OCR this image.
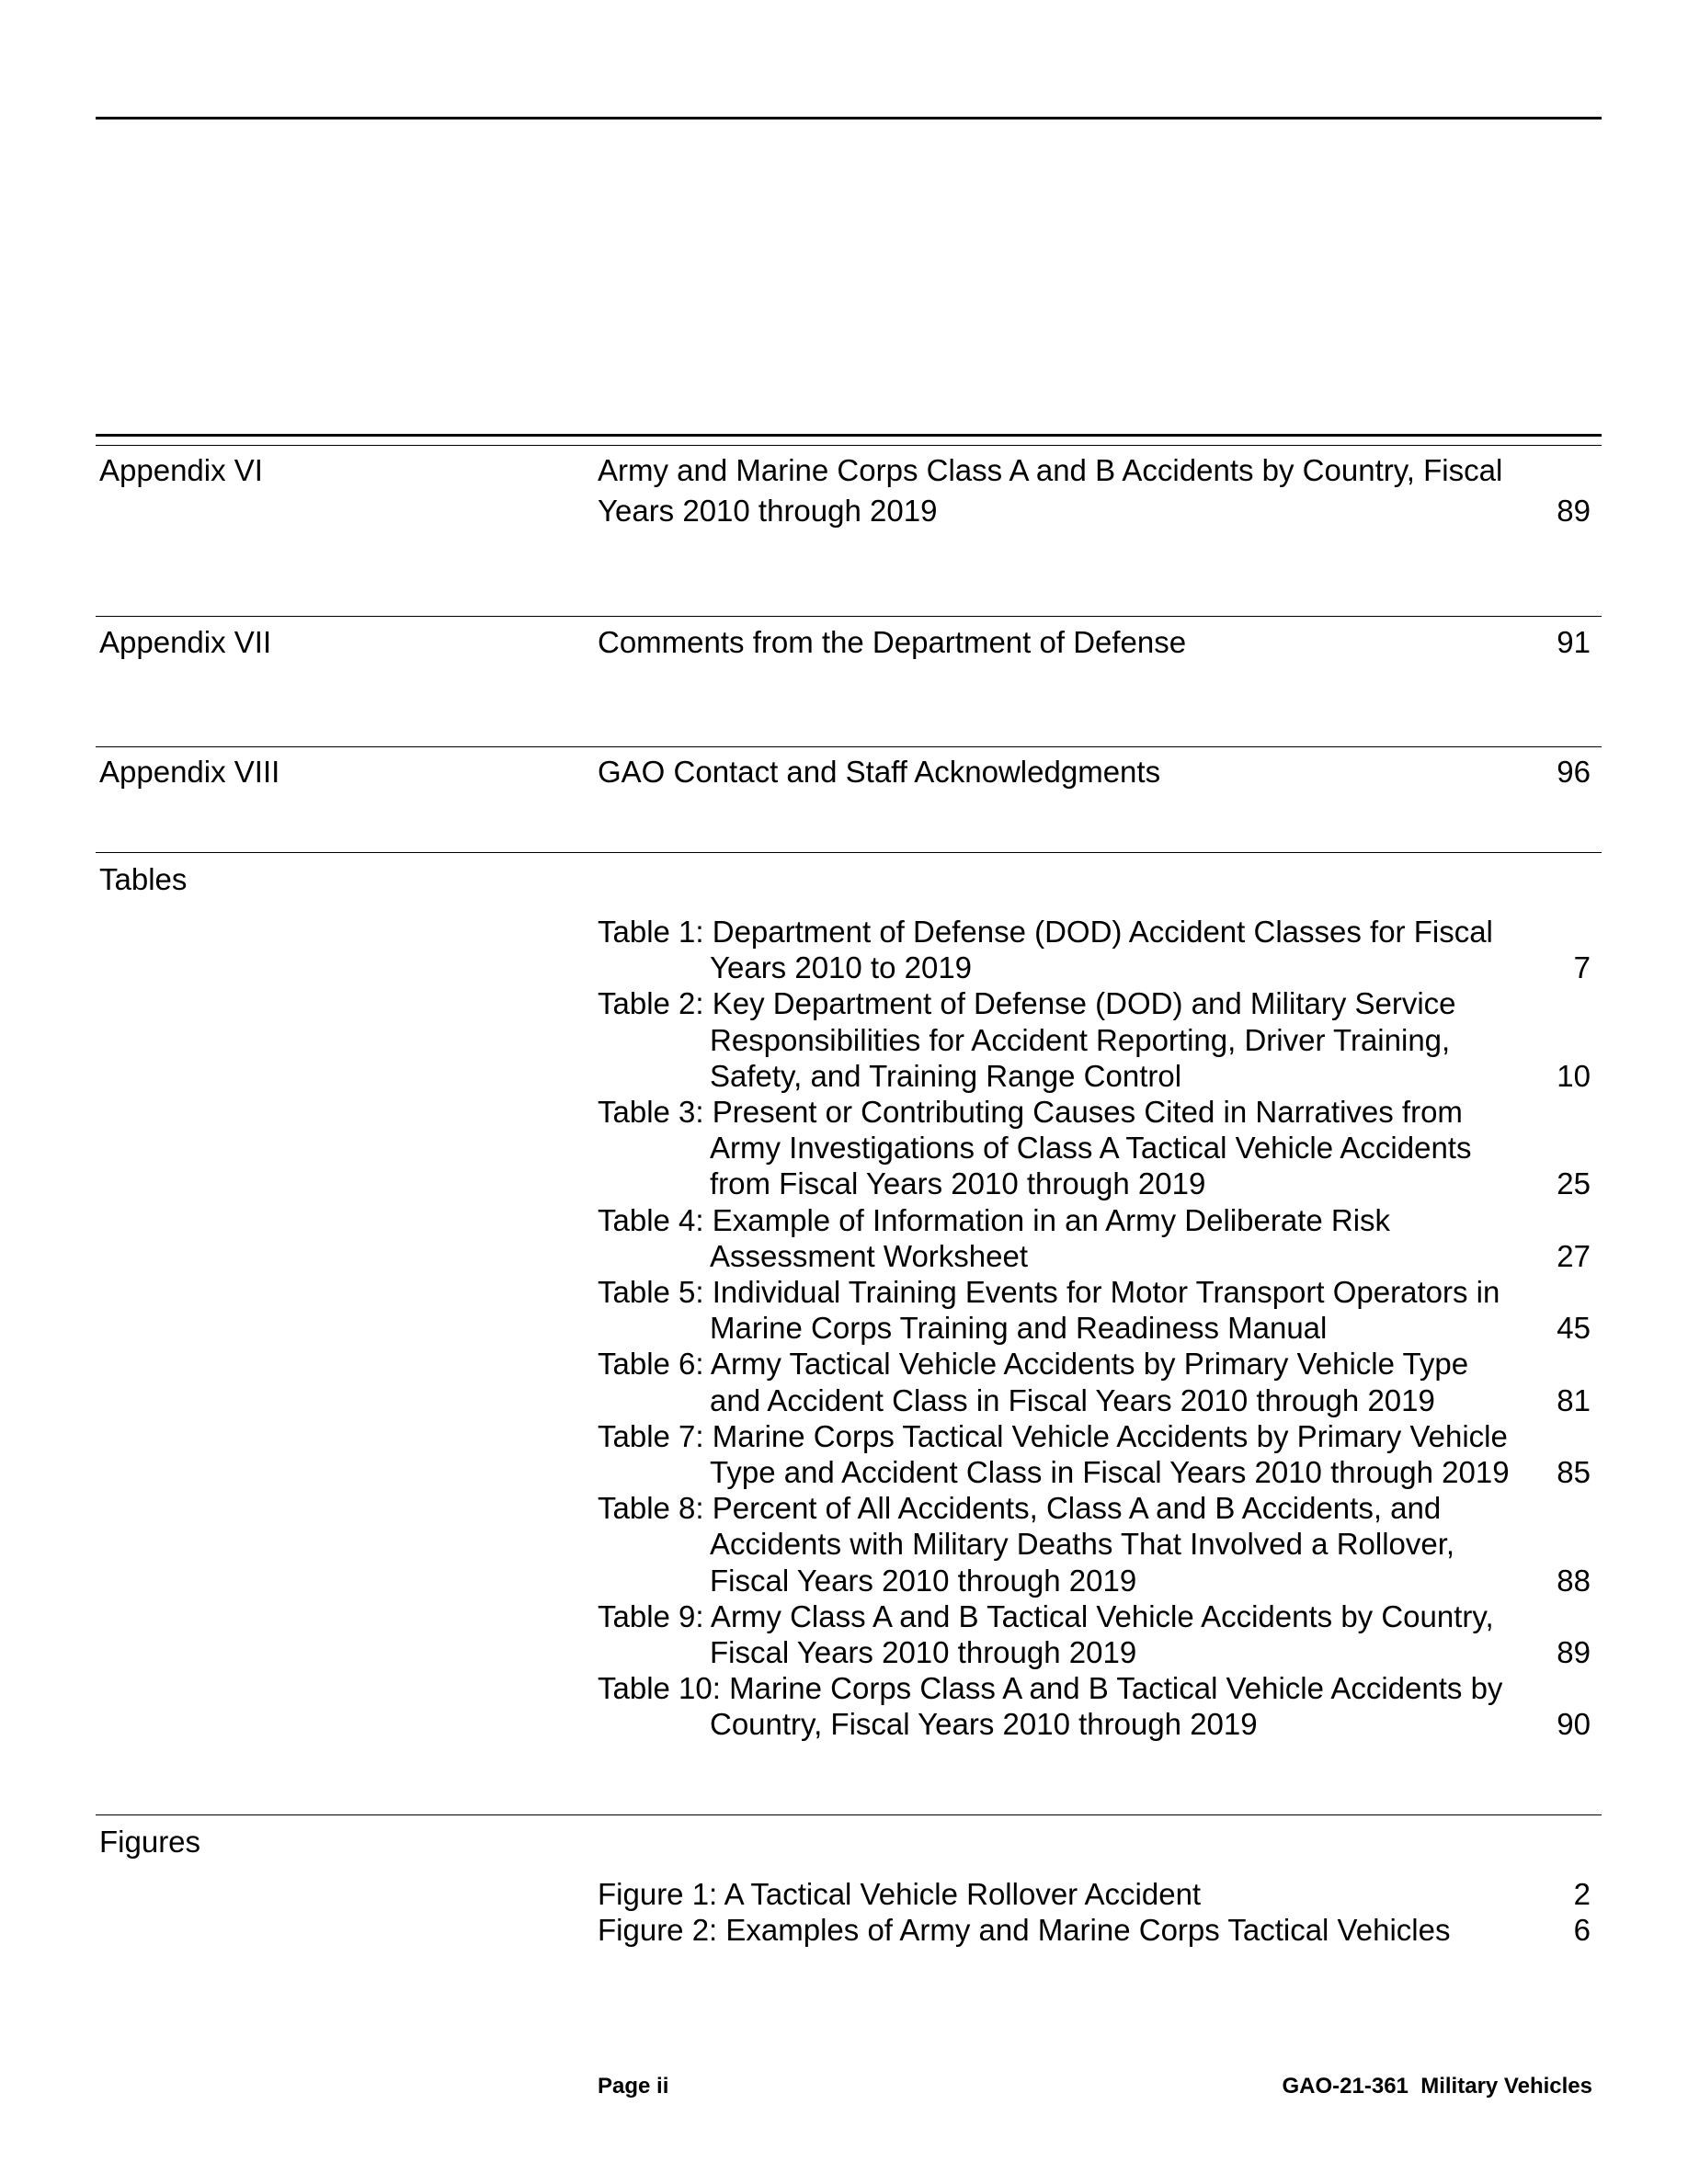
Appendix VI	Army and Marine Corps Class A and B Accidents by Country, Fiscal Years 2010 through 2019	89
Appendix VII	Comments from the Department of Defense	91
Appendix VIII	GAO Contact and Staff Acknowledgments	96
Tables
Table 1: Department of Defense (DOD) Accident Classes for Fiscal Years 2010 to 2019	7
Table 2: Key Department of Defense (DOD) and Military Service Responsibilities for Accident Reporting, Driver Training, Safety, and Training Range Control	10
Table 3: Present or Contributing Causes Cited in Narratives from Army Investigations of Class A Tactical Vehicle Accidents from Fiscal Years 2010 through 2019	25
Table 4: Example of Information in an Army Deliberate Risk Assessment Worksheet	27
Table 5: Individual Training Events for Motor Transport Operators in Marine Corps Training and Readiness Manual	45
Table 6: Army Tactical Vehicle Accidents by Primary Vehicle Type and Accident Class in Fiscal Years 2010 through 2019	81
Table 7: Marine Corps Tactical Vehicle Accidents by Primary Vehicle Type and Accident Class in Fiscal Years 2010 through 2019 85
Table 8: Percent of All Accidents, Class A and B Accidents, and Accidents with Military Deaths That Involved a Rollover, Fiscal Years 2010 through 2019	88
Table 9: Army Class A and B Tactical Vehicle Accidents by Country, Fiscal Years 2010 through 2019	89
Table 10: Marine Corps Class A and B Tactical Vehicle Accidents by Country, Fiscal Years 2010 through 2019	90
Figures
Figure 1: A Tactical Vehicle Rollover Accident	2
Figure 2: Examples of Army and Marine Corps Tactical Vehicles	6
Page ii	GAO-21-361  Military Vehicles
